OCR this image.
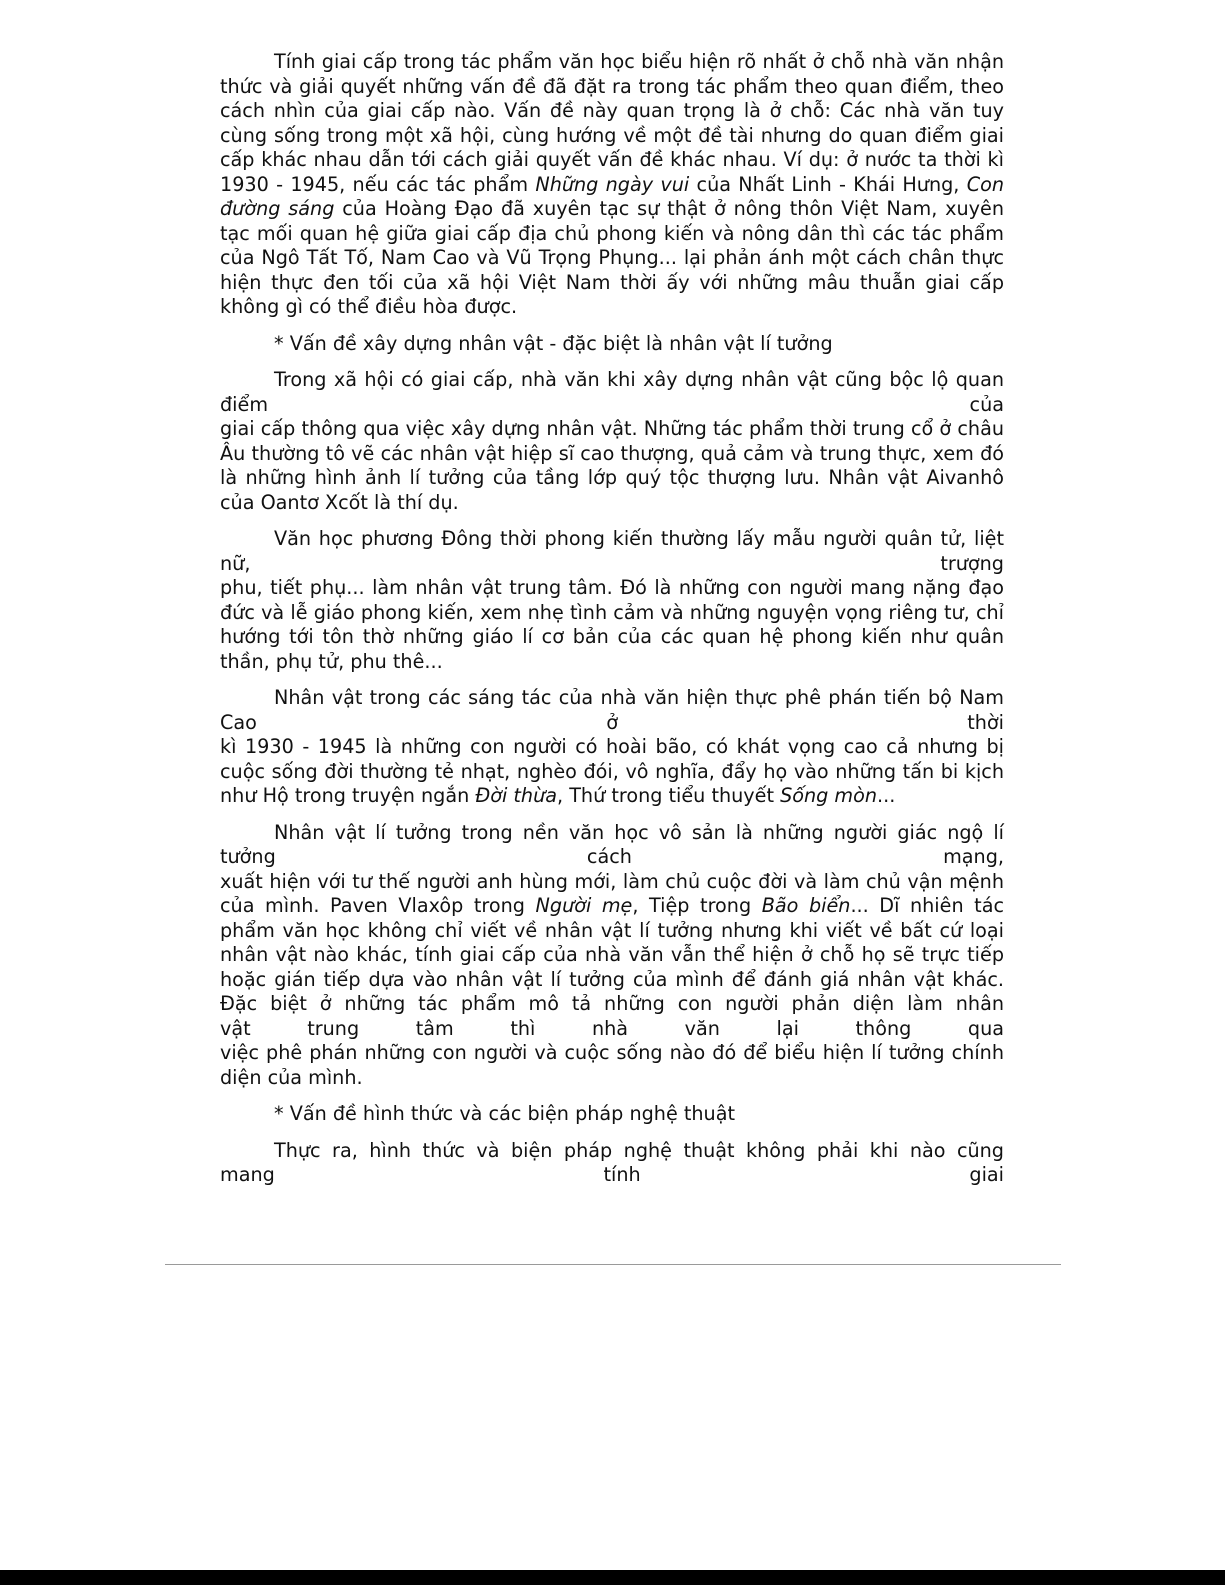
Tính giai cấp trong tác phẩm văn học biểu hiện rõ nhất ở chỗ nhà văn nhận thức và giải quyết những vấn đề đã đặt ra trong tác phẩm theo quan điểm, theo cách nhìn của giai cấp nào. Vấn đề này quan trọng là ở chỗ: Các nhà văn tuy cùng sống trong một xã hội, cùng hướng về một đề tài nhưng do quan điểm giai cấp khác nhau dẫn tới cách giải quyết vấn đề khác nhau. Ví dụ: ở nước ta thời kì 1930 - 1945, nếu các tác phẩm Những ngày vui của Nhất Linh - Khái Hưng, Con đường sáng của Hoàng Đạo đã xuyên tạc sự thật ở nông thôn Việt Nam, xuyên tạc mối quan hệ giữa giai cấp địa chủ phong kiến và nông dân thì các tác phẩm của Ngô Tất Tố, Nam Cao và Vũ Trọng Phụng... lại phản ánh một cách chân thực hiện thực đen tối của xã hội Việt Nam thời ấy với những mâu thuẫn giai cấp không gì có thể điều hòa được.

* Vấn đề xây dựng nhân vật - đặc biệt là nhân vật lí tưởng

Trong xã hội có giai cấp, nhà văn khi xây dựng nhân vật cũng bộc lộ quan
điểm của
giai cấp thông qua việc xây dựng nhân vật. Những tác phẩm thời trung cổ ở châu Âu thường tô vẽ các nhân vật hiệp sĩ cao thượng, quả cảm và trung thực, xem đó là những hình ảnh lí tưởng của tầng lớp quý tộc thượng lưu. Nhân vật Aivanhô của Oantơ Xcốt là thí dụ.
Văn học phương Đông thời phong kiến thường lấy mẫu người quân tử, liệt
nữ, trượng
phu, tiết phụ... làm nhân vật trung tâm. Đó là những con người mang nặng đạo đức và lễ giáo phong kiến, xem nhẹ tình cảm và những nguyện vọng riêng tư, chỉ hướng tới tôn thờ những giáo lí cơ bản của các quan hệ phong kiến như quân thần, phụ tử, phu thê...
Nhân vật trong các sáng tác của nhà văn hiện thực phê phán tiến bộ Nam
Cao ở thời
kì 1930 - 1945 là những con người có hoài bão, có khát vọng cao cả nhưng bị cuộc sống đời thường tẻ nhạt, nghèo đói, vô nghĩa, đẩy họ vào những tấn bi kịch như Hộ trong truyện ngắn Đời thừa, Thứ trong tiểu thuyết Sống mòn...
Nhân vật lí tưởng trong nền văn học vô sản là những người giác ngộ lí
tưởng cách mạng,
xuất hiện với tư thế người anh hùng mới, làm chủ cuộc đời và làm chủ vận mệnh của mình. Paven Vlaxôp trong Người mẹ, Tiệp trong Bão biển... Dĩ nhiên tác phẩm văn học không chỉ viết về nhân vật lí tưởng nhưng khi viết về bất cứ loại nhân vật nào khác, tính giai cấp của nhà văn vẫn thể hiện ở chỗ họ sẽ trực tiếp hoặc gián tiếp dựa vào nhân vật lí tưởng của mình để đánh giá nhân vật khác. Đặc biệt ở những tác phẩm mô tả những con người phản diện làm nhân
vật trung tâm thì nhà văn lại thông qua
việc phê phán những con người và cuộc sống nào đó để biểu hiện lí tưởng chính diện của mình.

* Vấn đề hình thức và các biện pháp nghệ thuật

Thực ra, hình thức và biện pháp nghệ thuật không phải khi nào cũng
mang tính giai
